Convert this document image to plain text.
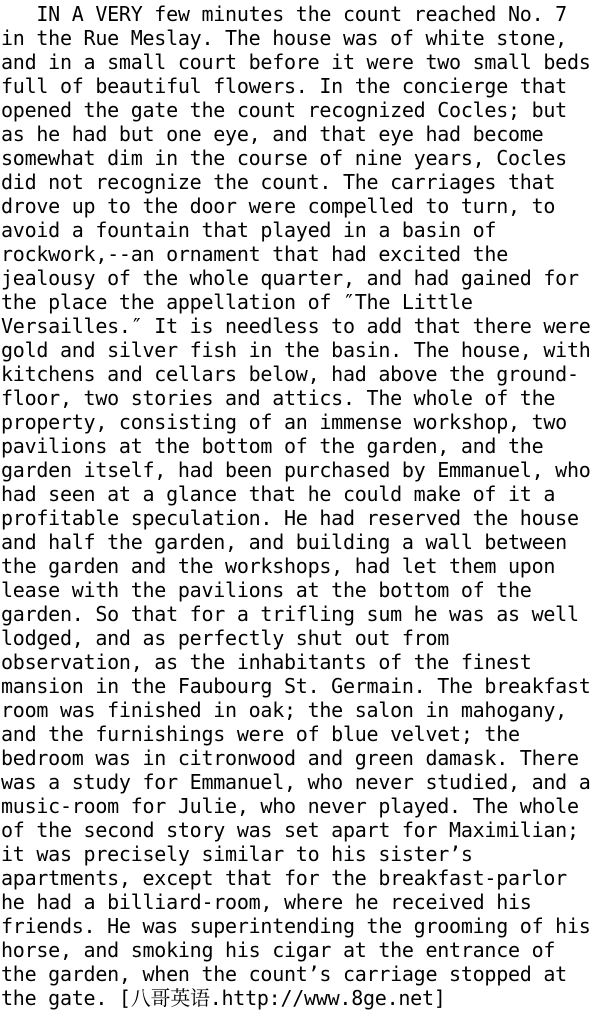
IN A VERY few minutes the count reached No. 7
in the Rue Meslay. The house was of white stone,
and in a small court before it were two small beds
full of beautiful flowers. In the concierge that
opened the gate the count recognized Cocles; but
as he had but one eye, and that eye had become
somewhat dim in the course of nine years, Cocles
did not recognize the count. The carriages that
drove up to the door were compelled to turn, to
avoid a fountain that played in a basin of
rockwork,--an ornament that had excited the
jealousy of the whole quarter, and had gained for
the place the appellation of ″The Little
Versailles.″ It is needless to add that there were
gold and silver fish in the basin. The house, with
kitchens and cellars below, had above the ground-
floor, two stories and attics. The whole of the
property, consisting of an immense workshop, two
pavilions at the bottom of the garden, and the
garden itself, had been purchased by Emmanuel, who
had seen at a glance that he could make of it a
profitable speculation. He had reserved the house
and half the garden, and building a wall between
the garden and the workshops, had let them upon
lease with the pavilions at the bottom of the
garden. So that for a trifling sum he was as well
lodged, and as perfectly shut out from
observation, as the inhabitants of the finest
mansion in the Faubourg St. Germain. The breakfast
room was finished in oak; the salon in mahogany,
and the furnishings were of blue velvet; the
bedroom was in citronwood and green damask. There
was a study for Emmanuel, who never studied, and a
music-room for Julie, who never played. The whole
of the second story was set apart for Maximilian;
it was precisely similar to his sister’s
apartments, except that for the breakfast-parlor
he had a billiard-room, where he received his
friends. He was superintending the grooming of his
horse, and smoking his cigar at the entrance of
the garden, when the count’s carriage stopped at
the gate. [八哥英语.http://www.8ge.net]
